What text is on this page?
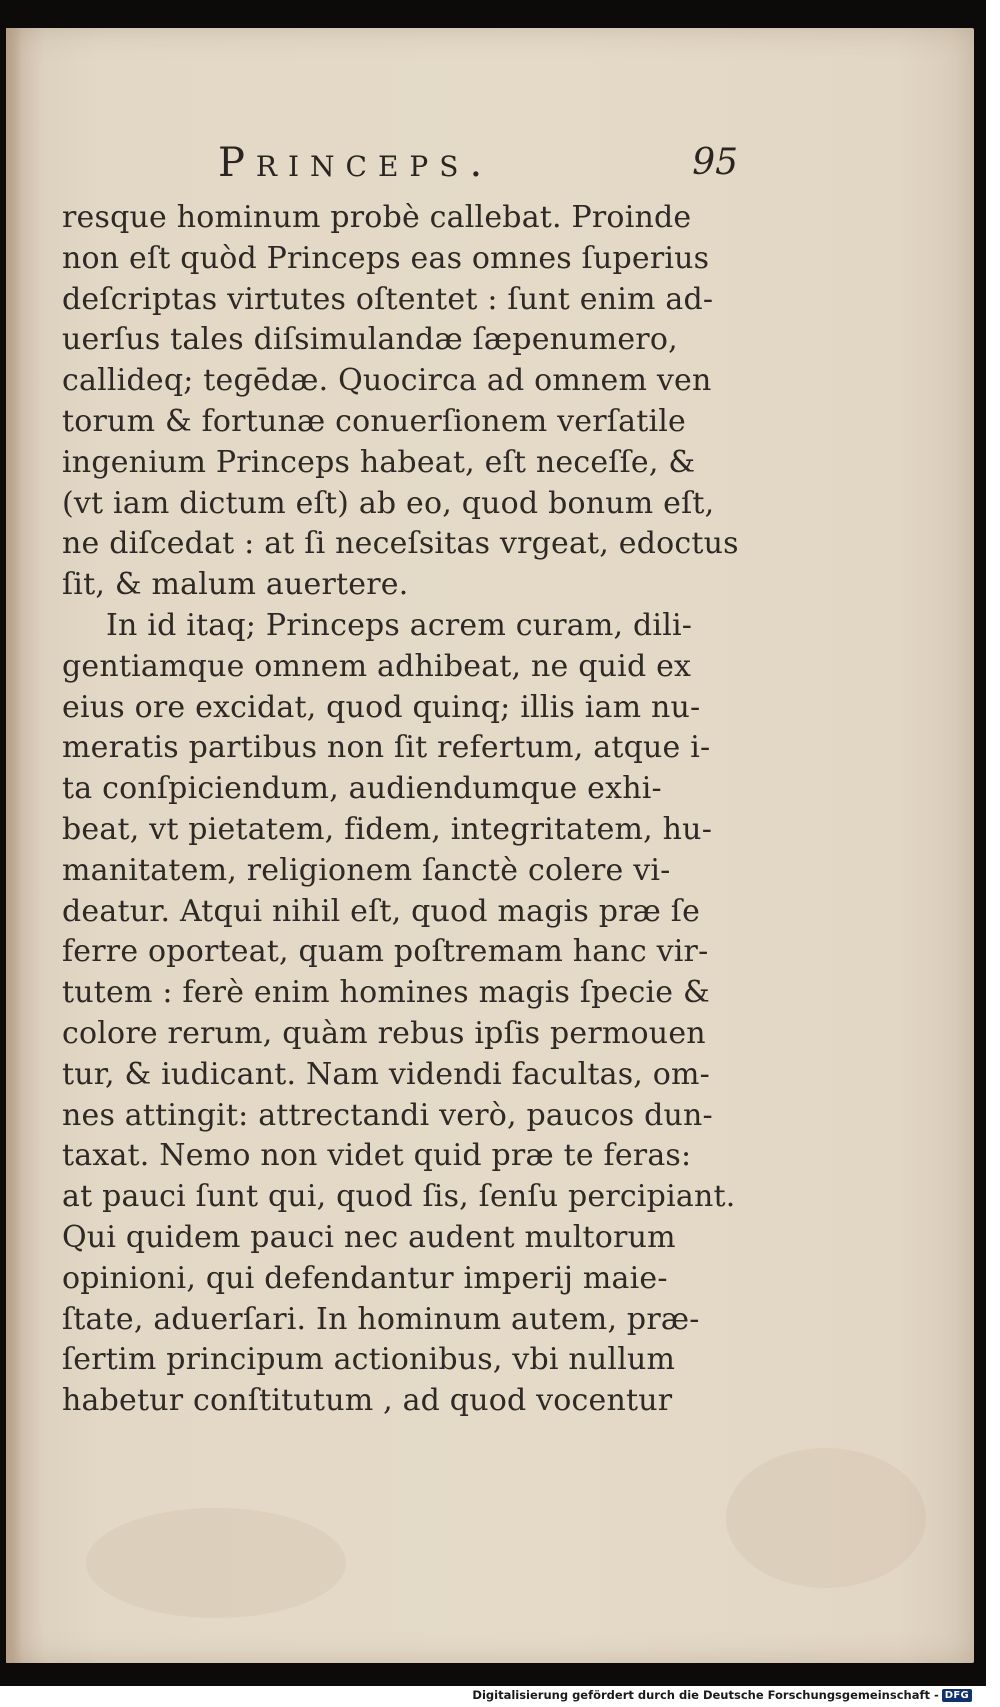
Princeps.	95
resque hominum probè callebat. Proinde
non eſt quòd Princeps eas omnes ſuperius
deſcriptas virtutes oſtentet : ſunt enim ad-
uerſus tales diſsimulandæ ſæpenumero,
callideq; tegēdæ. Quocirca ad omnem ven
torum & fortunæ conuerſionem verſatile
ingenium Princeps habeat, eſt neceſſe, &
(vt iam dictum eſt) ab eo, quod bonum eſt,
ne diſcedat : at ſi neceſsitas vrgeat, edoctus
ſit, & malum auertere.
In id itaq; Princeps acrem curam, dili-
gentiamque omnem adhibeat, ne quid ex
eius ore excidat, quod quinq; illis iam nu-
meratis partibus non ſit refertum, atque i-
ta conſpiciendum, audiendumque exhi-
beat, vt pietatem, fidem, integritatem, hu-
manitatem, religionem ſanctè colere vi-
deatur. Atqui nihil eſt, quod magis præ ſe
ferre oporteat, quam poſtremam hanc vir-
tutem : ferè enim homines magis ſpecie &
colore rerum, quàm rebus ipſis permouen
tur, & iudicant. Nam videndi facultas, om-
nes attingit: attrectandi verò, paucos dun-
taxat. Nemo non videt quid præ te feras:
at pauci ſunt qui, quod ſis, ſenſu percipiant.
Qui quidem pauci nec audent multorum
opinioni, qui defendantur imperij maie-
ſtate, aduerſari. In hominum autem, præ-
ſertim principum actionibus, vbi nullum
habetur conſtitutum , ad quod vocentur
Digitalisierung gefördert durch die Deutsche Forschungsgemeinschaft - DFG
